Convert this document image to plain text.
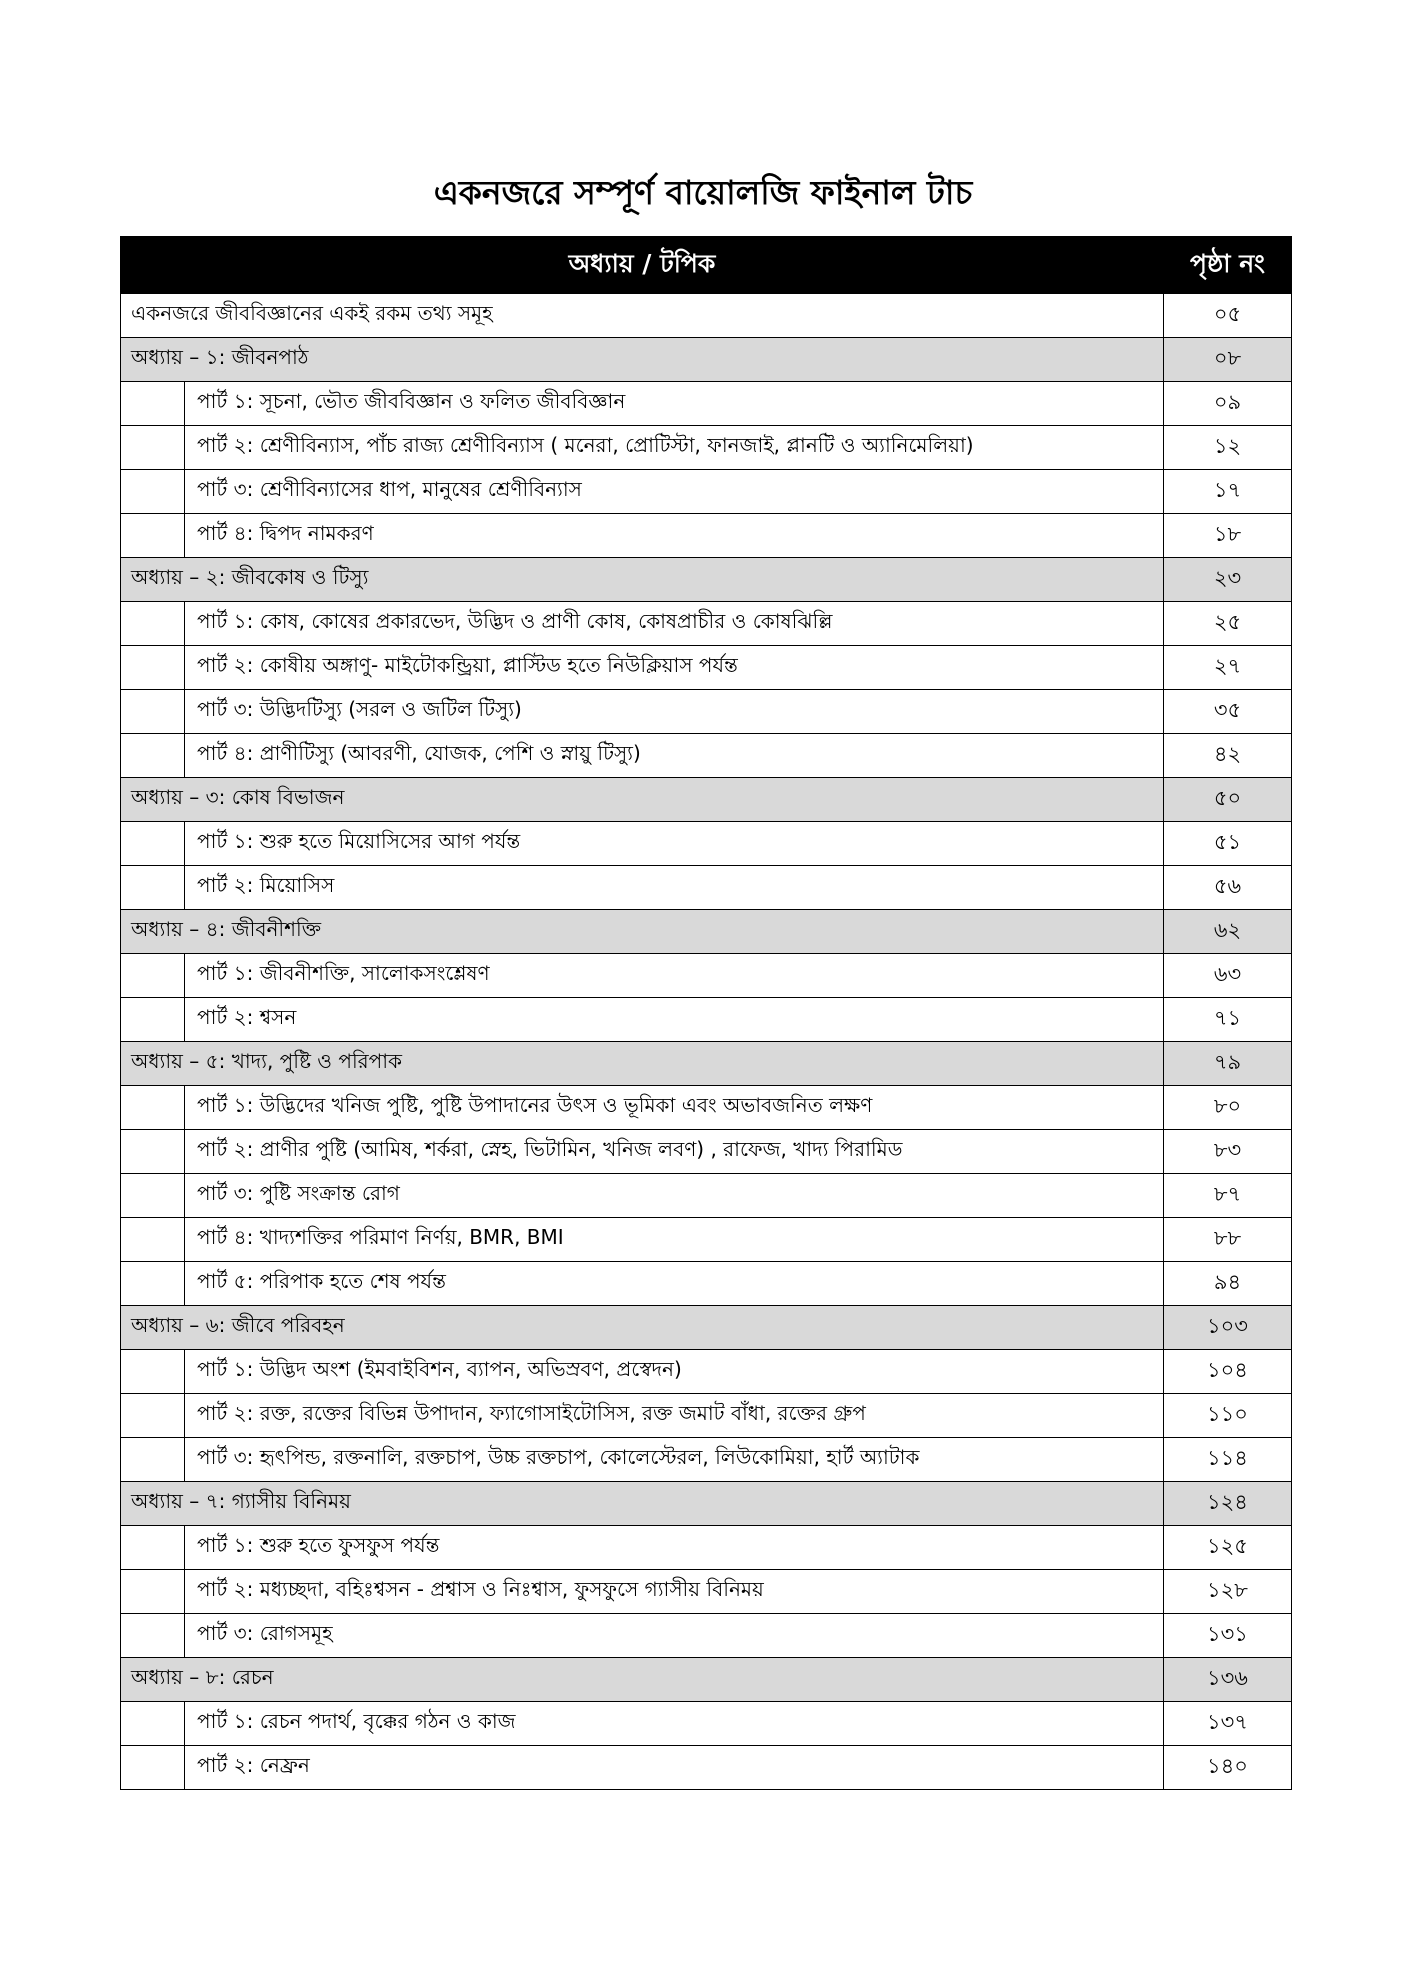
একনজরে সম্পূর্ণ বায়োলজি ফাইনাল টাচ
অধ্যায় / টপিক		পৃষ্ঠা নং
একনজরে জীববিজ্ঞানের একই রকম তথ্য সমূহ		০৫
অধ্যায় – ১: জীবনপাঠ		০৮
	পার্ট ১: সূচনা, ভৌত জীববিজ্ঞান ও ফলিত জীববিজ্ঞান	০৯
	পার্ট ২: শ্রেণীবিন্যাস, পাঁচ রাজ্য শ্রেণীবিন্যাস ( মনেরা, প্রোটিস্টা, ফানজাই, প্লানটি ও অ্যানিমেলিয়া)	১২
	পার্ট ৩: শ্রেণীবিন্যাসের ধাপ, মানুষের শ্রেণীবিন্যাস	১৭
	পার্ট ৪: দ্বিপদ নামকরণ	১৮
অধ্যায় – ২: জীবকোষ ও টিস্যু		২৩
	পার্ট ১: কোষ, কোষের প্রকারভেদ, উদ্ভিদ ও প্রাণী কোষ, কোষপ্রাচীর ও কোষঝিল্লি	২৫
	পার্ট ২: কোষীয় অঙ্গাণু- মাইটোকন্ড্রিয়া, প্লাস্টিড হতে নিউক্লিয়াস পর্যন্ত	২৭
	পার্ট ৩: উদ্ভিদটিস্যু (সরল ও জটিল টিস্যু)	৩৫
	পার্ট ৪: প্রাণীটিস্যু (আবরণী, যোজক, পেশি ও স্নায়ু টিস্যু)	৪২
অধ্যায় – ৩: কোষ বিভাজন		৫০
	পার্ট ১: শুরু হতে মিয়োসিসের আগ পর্যন্ত	৫১
	পার্ট ২: মিয়োসিস	৫৬
অধ্যায় – ৪: জীবনীশক্তি		৬২
	পার্ট ১: জীবনীশক্তি, সালোকসংশ্লেষণ	৬৩
	পার্ট ২: শ্বসন	৭১
অধ্যায় – ৫: খাদ্য, পুষ্টি ও পরিপাক		৭৯
	পার্ট ১: উদ্ভিদের খনিজ পুষ্টি, পুষ্টি উপাদানের উৎস ও ভূমিকা এবং অভাবজনিত লক্ষণ	৮০
	পার্ট ২: প্রাণীর পুষ্টি (আমিষ, শর্করা, স্নেহ, ভিটামিন, খনিজ লবণ) , রাফেজ, খাদ্য পিরামিড	৮৩
	পার্ট ৩: পুষ্টি সংক্রান্ত রোগ	৮৭
	পার্ট ৪: খাদ্যশক্তির পরিমাণ নির্ণয়, BMR, BMI	৮৮
	পার্ট ৫: পরিপাক হতে শেষ পর্যন্ত	৯৪
অধ্যায় – ৬: জীবে পরিবহন		১০৩
	পার্ট ১: উদ্ভিদ অংশ (ইমবাইবিশন, ব্যাপন, অভিস্রবণ, প্রস্বেদন)	১০৪
	পার্ট ২: রক্ত, রক্তের বিভিন্ন উপাদান, ফ্যাগোসাইটোসিস, রক্ত জমাট বাঁধা, রক্তের গ্রুপ	১১০
	পার্ট ৩: হৃৎপিন্ড, রক্তনালি, রক্তচাপ, উচ্চ রক্তচাপ, কোলেস্টেরল, লিউকোমিয়া, হার্ট অ্যাটাক	১১৪
অধ্যায় – ৭: গ্যাসীয় বিনিময়		১২৪
	পার্ট ১: শুরু হতে ফুসফুস পর্যন্ত	১২৫
	পার্ট ২: মধ্যচ্ছদা, বহিঃশ্বসন - প্রশ্বাস ও নিঃশ্বাস, ফুসফুসে গ্যাসীয় বিনিময়	১২৮
	পার্ট ৩: রোগসমূহ	১৩১
অধ্যায় – ৮: রেচন		১৩৬
	পার্ট ১: রেচন পদার্থ, বৃক্কের গঠন ও কাজ	১৩৭
	পার্ট ২: নেফ্রন	১৪০
